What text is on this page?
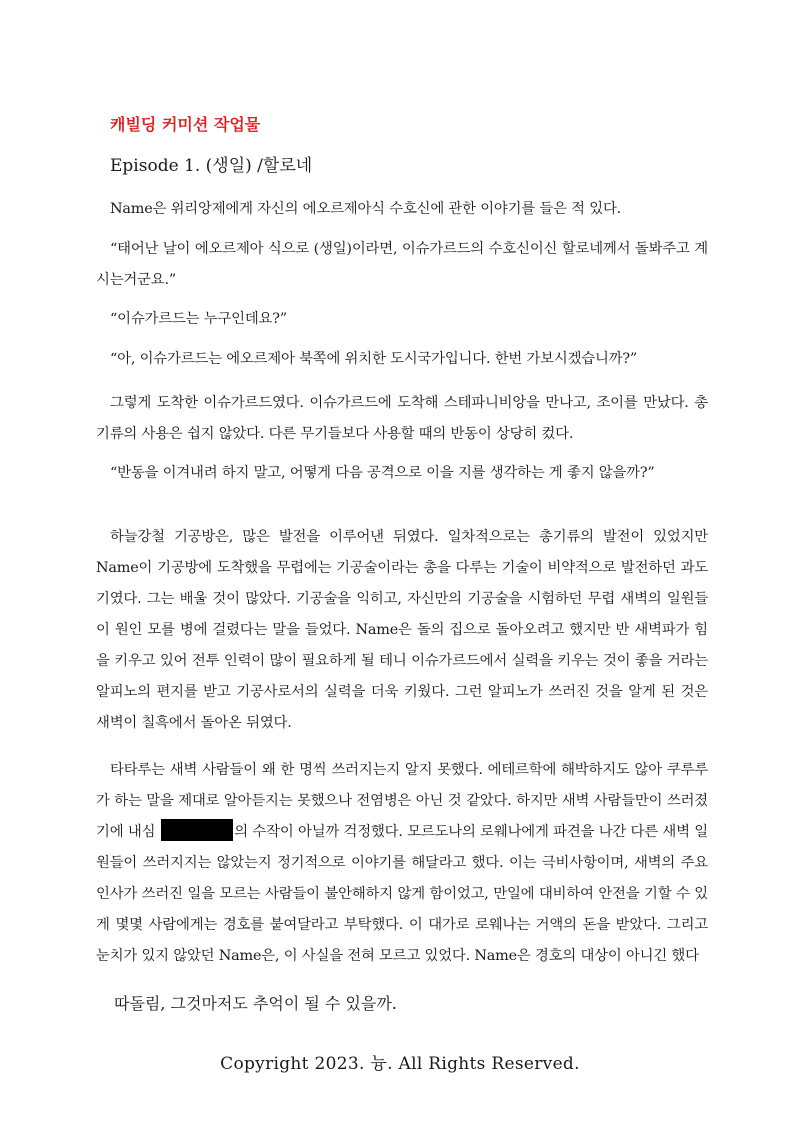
캐빌딩 커미션 작업물
Episode 1. (생일) /할로네

Name은 위리앙제에게 자신의 에오르제아식 수호신에 관한 이야기를 들은 적 있다.

“태어난 날이 에오르제아 식으로 (생일)이라면, 이슈가르드의 수호신이신 할로네께서 돌봐주고 계시는거군요.”

“이슈가르드는 누구인데요?”

“아, 이슈가르드는 에오르제아 북쪽에 위치한 도시국가입니다. 한번 가보시겠습니까?”

그렇게 도착한 이슈가르드였다. 이슈가르드에 도착해 스테파니비앙을 만나고, 조이를 만났다. 총기류의 사용은 쉽지 않았다. 다른 무기들보다 사용할 때의 반동이 상당히 컸다.

“반동을 이겨내려 하지 말고, 어떻게 다음 공격으로 이을 지를 생각하는 게 좋지 않을까?”

하늘강철 기공방은, 많은 발전을 이루어낸 뒤였다. 일차적으로는 총기류의 발전이 있었지만 Name이 기공방에 도착했을 무렵에는 기공술이라는 총을 다루는 기술이 비약적으로 발전하던 과도기였다. 그는 배울 것이 많았다. 기공술을 익히고, 자신만의 기공술을 시험하던 무렵 새벽의 일원들이 원인 모를 병에 걸렸다는 말을 들었다. Name은 돌의 집으로 돌아오려고 했지만 반 새벽파가 힘을 키우고 있어 전투 인력이 많이 필요하게 될 테니 이슈가르드에서 실력을 키우는 것이 좋을 거라는 알피노의 편지를 받고 기공사로서의 실력을 더욱 키웠다. 그런 알피노가 쓰러진 것을 알게 된 것은 새벽이 칠흑에서 돌아온 뒤였다.

타타루는 새벽 사람들이 왜 한 명씩 쓰러지는지 알지 못했다. 에테르학에 해박하지도 않아 쿠루루가 하는 말을 제대로 알아듣지는 못했으나 전염병은 아닌 것 같았다. 하지만 새벽 사람들만이 쓰러졌기에 내심	의 수작이 아닐까 걱정했다. 모르도나의 로웨나에게 파견을 나간 다른 새벽 일원들이 쓰러지지는 않았는지 정기적으로 이야기를 해달라고 했다. 이는 극비사항이며, 새벽의 주요 인사가 쓰러진 일을 모르는 사람들이 불안해하지 않게 함이었고, 만일에 대비하여 안전을 기할 수 있게 몇몇 사람에게는 경호를 붙여달라고 부탁했다. 이 대가로 로웨나는 거액의 돈을 받았다. 그리고 눈치가 있지 않았던 Name은, 이 사실을 전혀 모르고 있었다. Name은 경호의 대상이 아니긴 했다

따돌림, 그것마저도 추억이 될 수 있을까.
Copyright 2023. 늉. All Rights Reserved.
